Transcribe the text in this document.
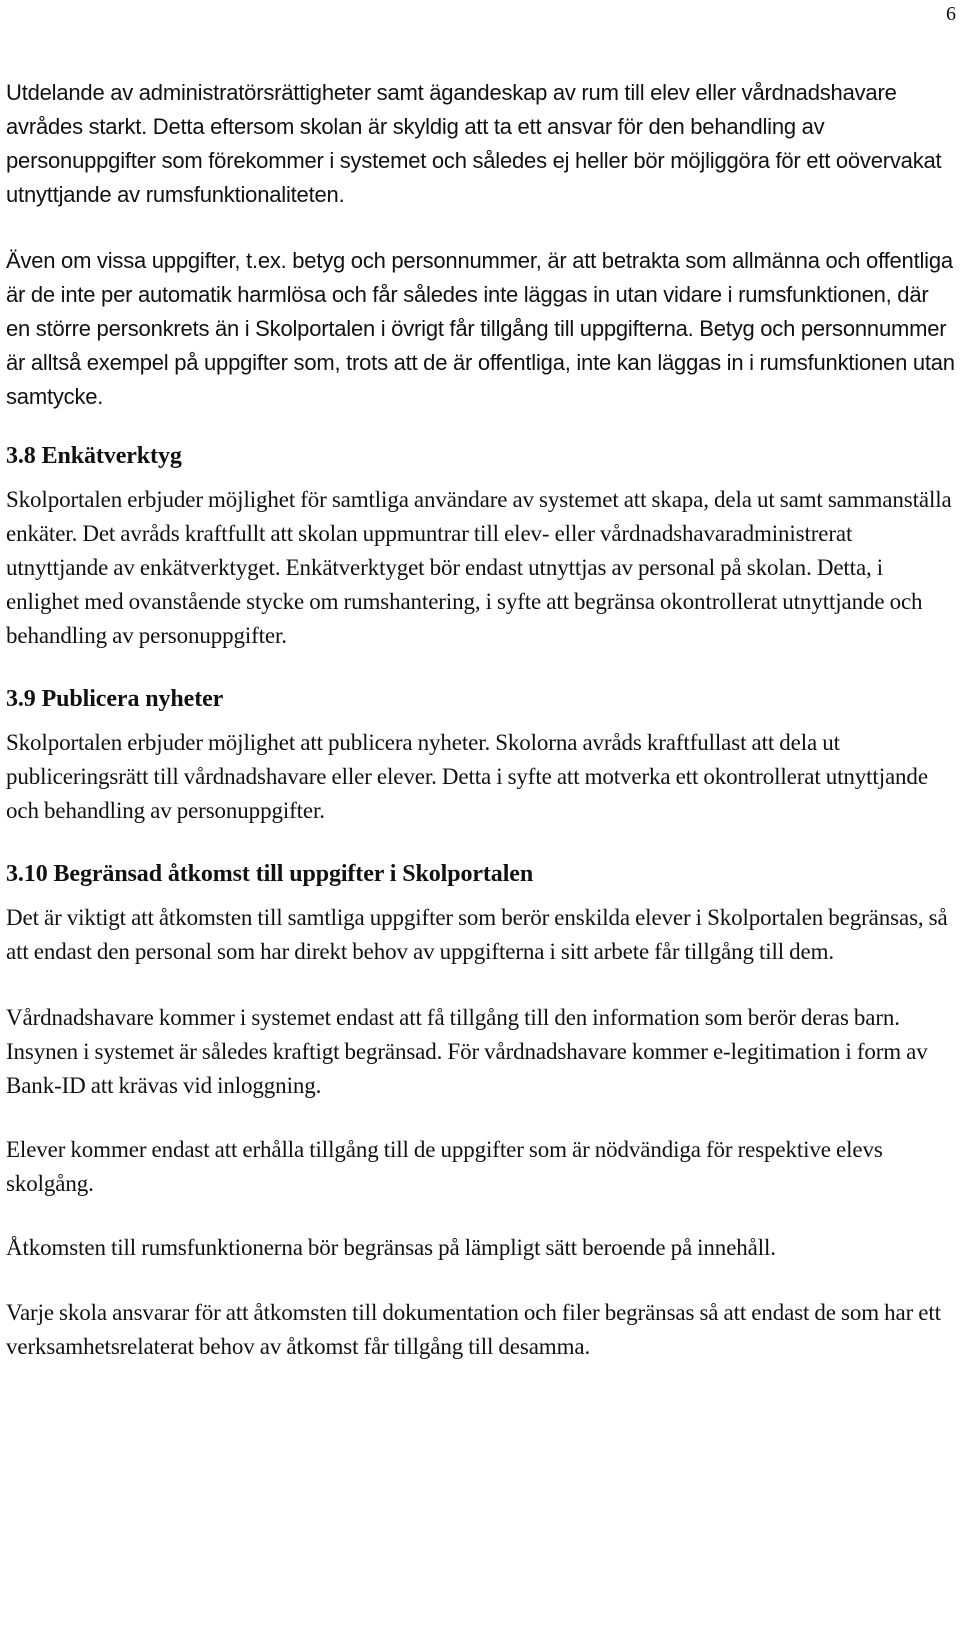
6

Utdelande av administratörsrättigheter samt ägandeskap av rum till elev eller vårdnadshavare avrådes starkt. Detta eftersom skolan är skyldig att ta ett ansvar för den behandling av personuppgifter som förekommer i systemet och således ej heller bör möjliggöra för ett oövervakat utnyttjande av rumsfunktionaliteten.

Även om vissa uppgifter, t.ex. betyg och personnummer, är att betrakta som allmänna och offentliga är de inte per automatik harmlösa och får således inte läggas in utan vidare i rumsfunktionen, där en större personkrets än i Skolportalen i övrigt får tillgång till uppgifterna. Betyg och personnummer är alltså exempel på uppgifter som, trots att de är offentliga, inte kan läggas in i rumsfunktionen utan samtycke.

3.8 Enkätverktyg

Skolportalen erbjuder möjlighet för samtliga användare av systemet att skapa, dela ut samt sammanställa enkäter. Det avråds kraftfullt att skolan uppmuntrar till elev- eller vårdnadshavaradministrerat utnyttjande av enkätverktyget. Enkätverktyget bör endast utnyttjas av personal på skolan. Detta, i enlighet med ovanstående stycke om rumshantering, i syfte att begränsa okontrollerat utnyttjande och behandling av personuppgifter.

3.9 Publicera nyheter

Skolportalen erbjuder möjlighet att publicera nyheter. Skolorna avråds kraftfullast att dela ut publiceringsrätt till vårdnadshavare eller elever. Detta i syfte att motverka ett okontrollerat utnyttjande och behandling av personuppgifter.

3.10 Begränsad åtkomst till uppgifter i Skolportalen

Det är viktigt att åtkomsten till samtliga uppgifter som berör enskilda elever i Skolportalen begränsas, så att endast den personal som har direkt behov av uppgifterna i sitt arbete får tillgång till dem.

Vårdnadshavare kommer i systemet endast att få tillgång till den information som berör deras barn. Insynen i systemet är således kraftigt begränsad. För vårdnadshavare kommer e-legitimation i form av Bank-ID att krävas vid inloggning.

Elever kommer endast att erhålla tillgång till de uppgifter som är nödvändiga för respektive elevs skolgång.

Åtkomsten till rumsfunktionerna bör begränsas på lämpligt sätt beroende på innehåll.

Varje skola ansvarar för att åtkomsten till dokumentation och filer begränsas så att endast de som har ett verksamhetsrelaterat behov av åtkomst får tillgång till desamma.
